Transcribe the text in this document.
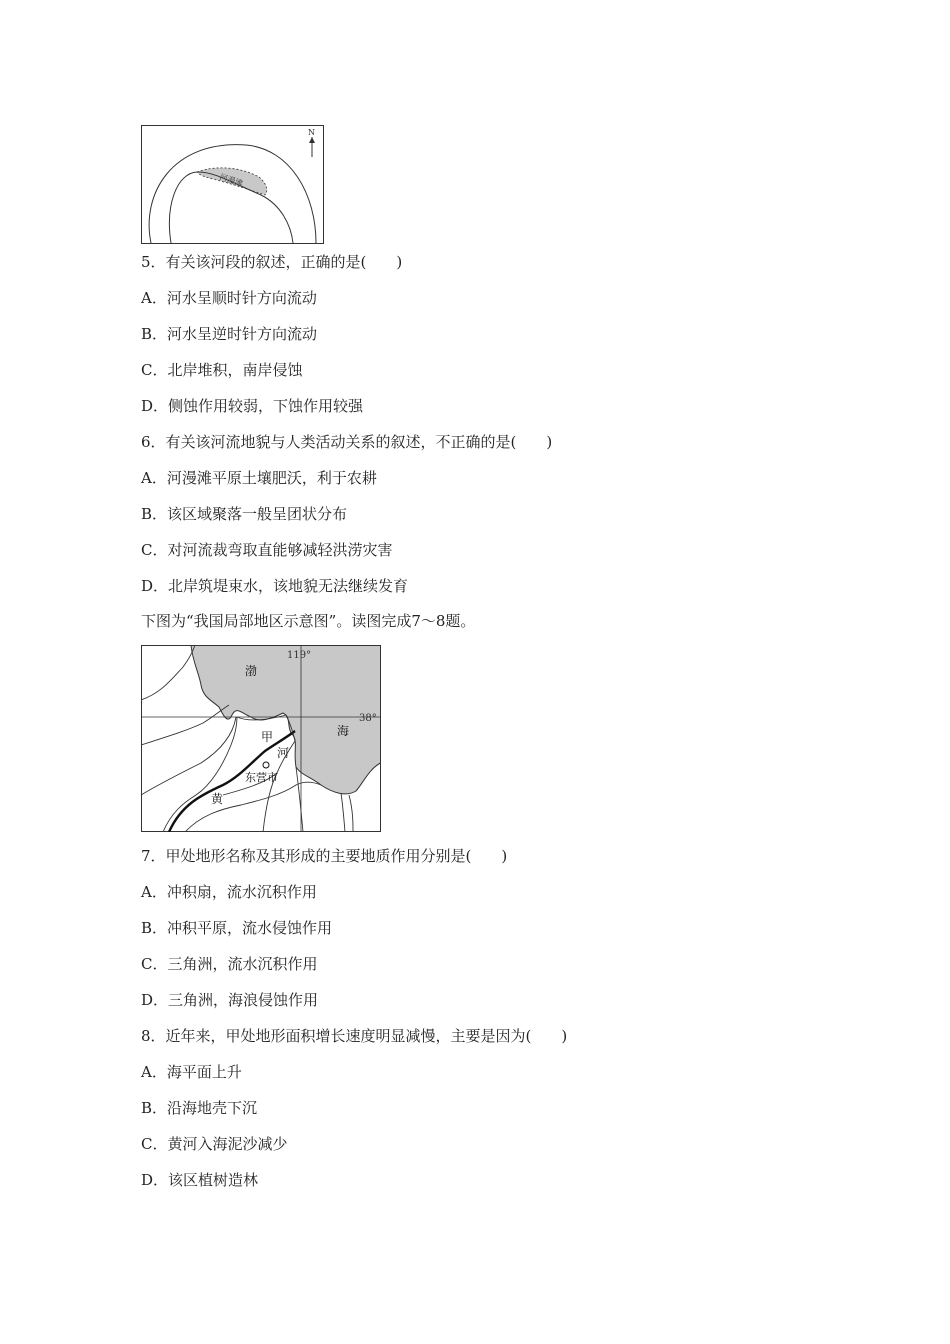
河漫滩
N
5．有关该河段的叙述，正确的是(　　)
A．河水呈顺时针方向流动
B．河水呈逆时针方向流动
C．北岸堆积，南岸侵蚀
D．侧蚀作用较弱，下蚀作用较强
6．有关该河流地貌与人类活动关系的叙述，不正确的是(　　)
A．河漫滩平原土壤肥沃，利于农耕
B．该区域聚落一般呈团状分布
C．对河流裁弯取直能够减轻洪涝灾害
D．北岸筑堤束水，该地貌无法继续发育
下图为“我国局部地区示意图”。读图完成7～8题。
119°
38°
渤
海
甲
河
东营市
黄
7．甲处地形名称及其形成的主要地质作用分别是(　　)
A．冲积扇，流水沉积作用
B．冲积平原，流水侵蚀作用
C．三角洲，流水沉积作用
D．三角洲，海浪侵蚀作用
8．近年来，甲处地形面积增长速度明显减慢，主要是因为(　　)
A．海平面上升
B．沿海地壳下沉
C．黄河入海泥沙减少
D．该区植树造林
